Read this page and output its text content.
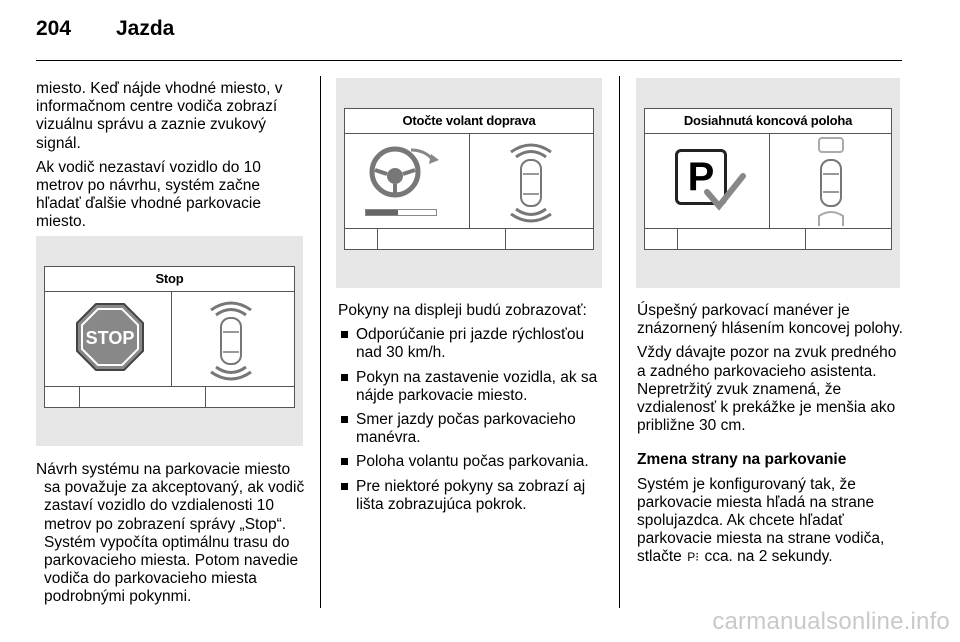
204 Jazda

miesto. Keď nájde vhodné miesto, v informačnom centre vodiča zobrazí vizuálnu správu a zaznie zvukový signál.

Ak vodič nezastaví vozidlo do 10 metrov po návrhu, systém začne hľadať ďalšie vhodné parkovacie miesto.

Stop
STOP

Návrh systému na parkovacie miesto sa považuje za akceptovaný, ak vodič zastaví vozidlo do vzdialenosti 10 metrov po zobrazení správy „Stop“. Systém vypočíta optimálnu trasu do parkovacieho miesta. Potom navedie vodiča do parkovacieho miesta podrobnými pokynmi.

Otočte volant doprava

Pokyny na displeji budú zobrazovať:

Odporúčanie pri jazde rýchlosťou nad 30 km/h.
Pokyn na zastavenie vozidla, ak sa nájde parkovacie miesto.
Smer jazdy počas parkovacieho manévra.
Poloha volantu počas parkovania.
Pre niektoré pokyny sa zobrazí aj lišta zobrazujúca pokrok.
Dosiahnutá koncová poloha
P

Úspešný parkovací manéver je znázornený hlásením koncovej polohy.

Vždy dávajte pozor na zvuk predného a zadného parkovacieho asistenta. Nepretržitý zvuk znamená, že vzdialenosť k prekážke je menšia ako približne 30 cm.

Zmena strany na parkovanie

Systém je konfigurovaný tak, že parkovacie miesta hľadá na strane spolujazdca. Ak chcete hľadať parkovacie miesta na strane vodiča, stlačte P⁝ cca. na 2 sekundy.

carmanualsonline.info
